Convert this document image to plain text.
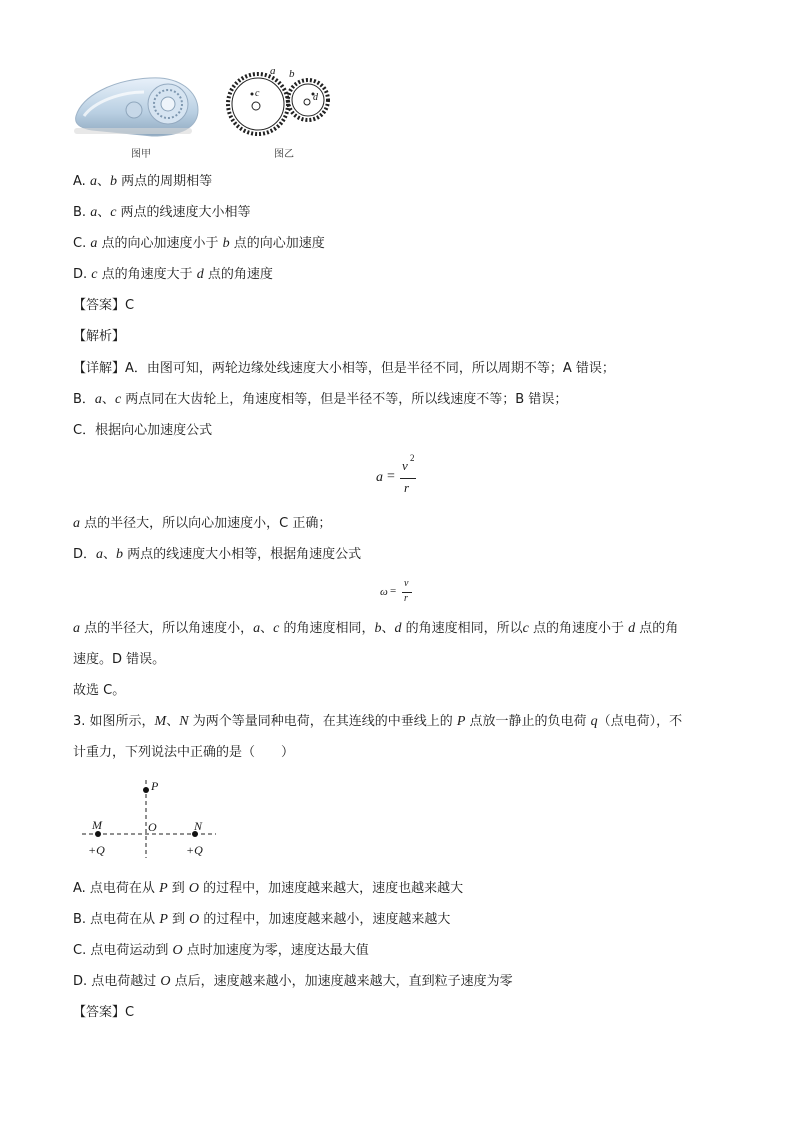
图甲
a b
c	d
图乙
A. a、b 两点的周期相等
B. a、c 两点的线速度大小相等
C. a 点的向心加速度小于 b 点的向心加速度
D. c 点的角速度大于 d 点的角速度
【答案】C
【解析】
【详解】A．由图可知，两轮边缘处线速度大小相等，但是半径不同，所以周期不等；A 错误；
B．a、c 两点同在大齿轮上，角速度相等，但是半径不等，所以线速度不等；B 错误；
C．根据向心加速度公式
a =
v 2
r
a 点的半径大，所以向心加速度小，C 正确；
D．a、b 两点的线速度大小相等，根据角速度公式
ω =
v
r
a 点的半径大，所以角速度小，a、c 的角速度相同，b、d 的角速度相同，所以c 点的角速度小于 d 点的角
速度。D 错误。
故选 C。
3. 如图所示，M、N 为两个等量同种电荷，在其连线的中垂线上的 P 点放一静止的负电荷 q（点电荷），不
计重力，下列说法中正确的是（　　）
P
M	O	N
+Q	+Q
A. 点电荷在从 P 到 O 的过程中，加速度越来越大，速度也越来越大
B. 点电荷在从 P 到 O 的过程中，加速度越来越小，速度越来越大
C. 点电荷运动到 O 点时加速度为零，速度达最大值
D. 点电荷越过 O 点后，速度越来越小，加速度越来越大，直到粒子速度为零
【答案】C
